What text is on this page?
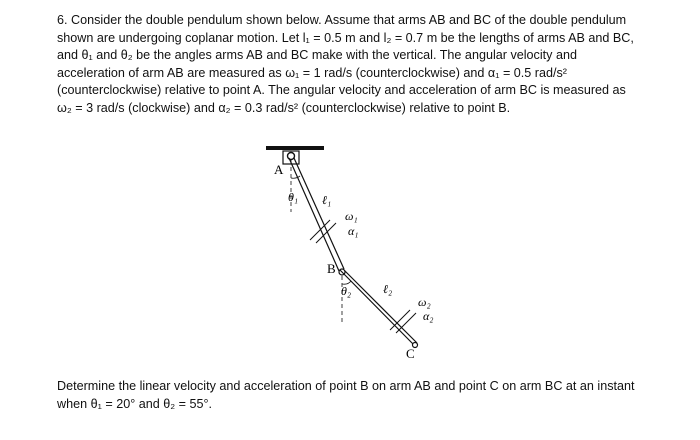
6. Consider the double pendulum shown below. Assume that arms AB and BC of the double pendulum

shown are undergoing coplanar motion. Let l₁ = 0.5 m and l₂ = 0.7 m be the lengths of arms AB and BC,

and θ₁ and θ₂ be the angles arms AB and BC make with the vertical. The angular velocity and

acceleration of arm AB are measured as ω₁ = 1 rad/s (counterclockwise) and α₁ = 0.5 rad/s²

(counterclockwise) relative to point A. The angular velocity and acceleration of arm BC is measured as

ω₂ = 3 rad/s (clockwise) and α₂ = 0.3 rad/s² (counterclockwise) relative to point B.

A
θ₁ ℓ₁
ω₁
α₁
B
θ₂	ℓ₂
ω₂
α₂
C

Determine the linear velocity and acceleration of point B on arm AB and point C on arm BC at an instant

when θ₁ = 20° and θ₂ = 55°.
